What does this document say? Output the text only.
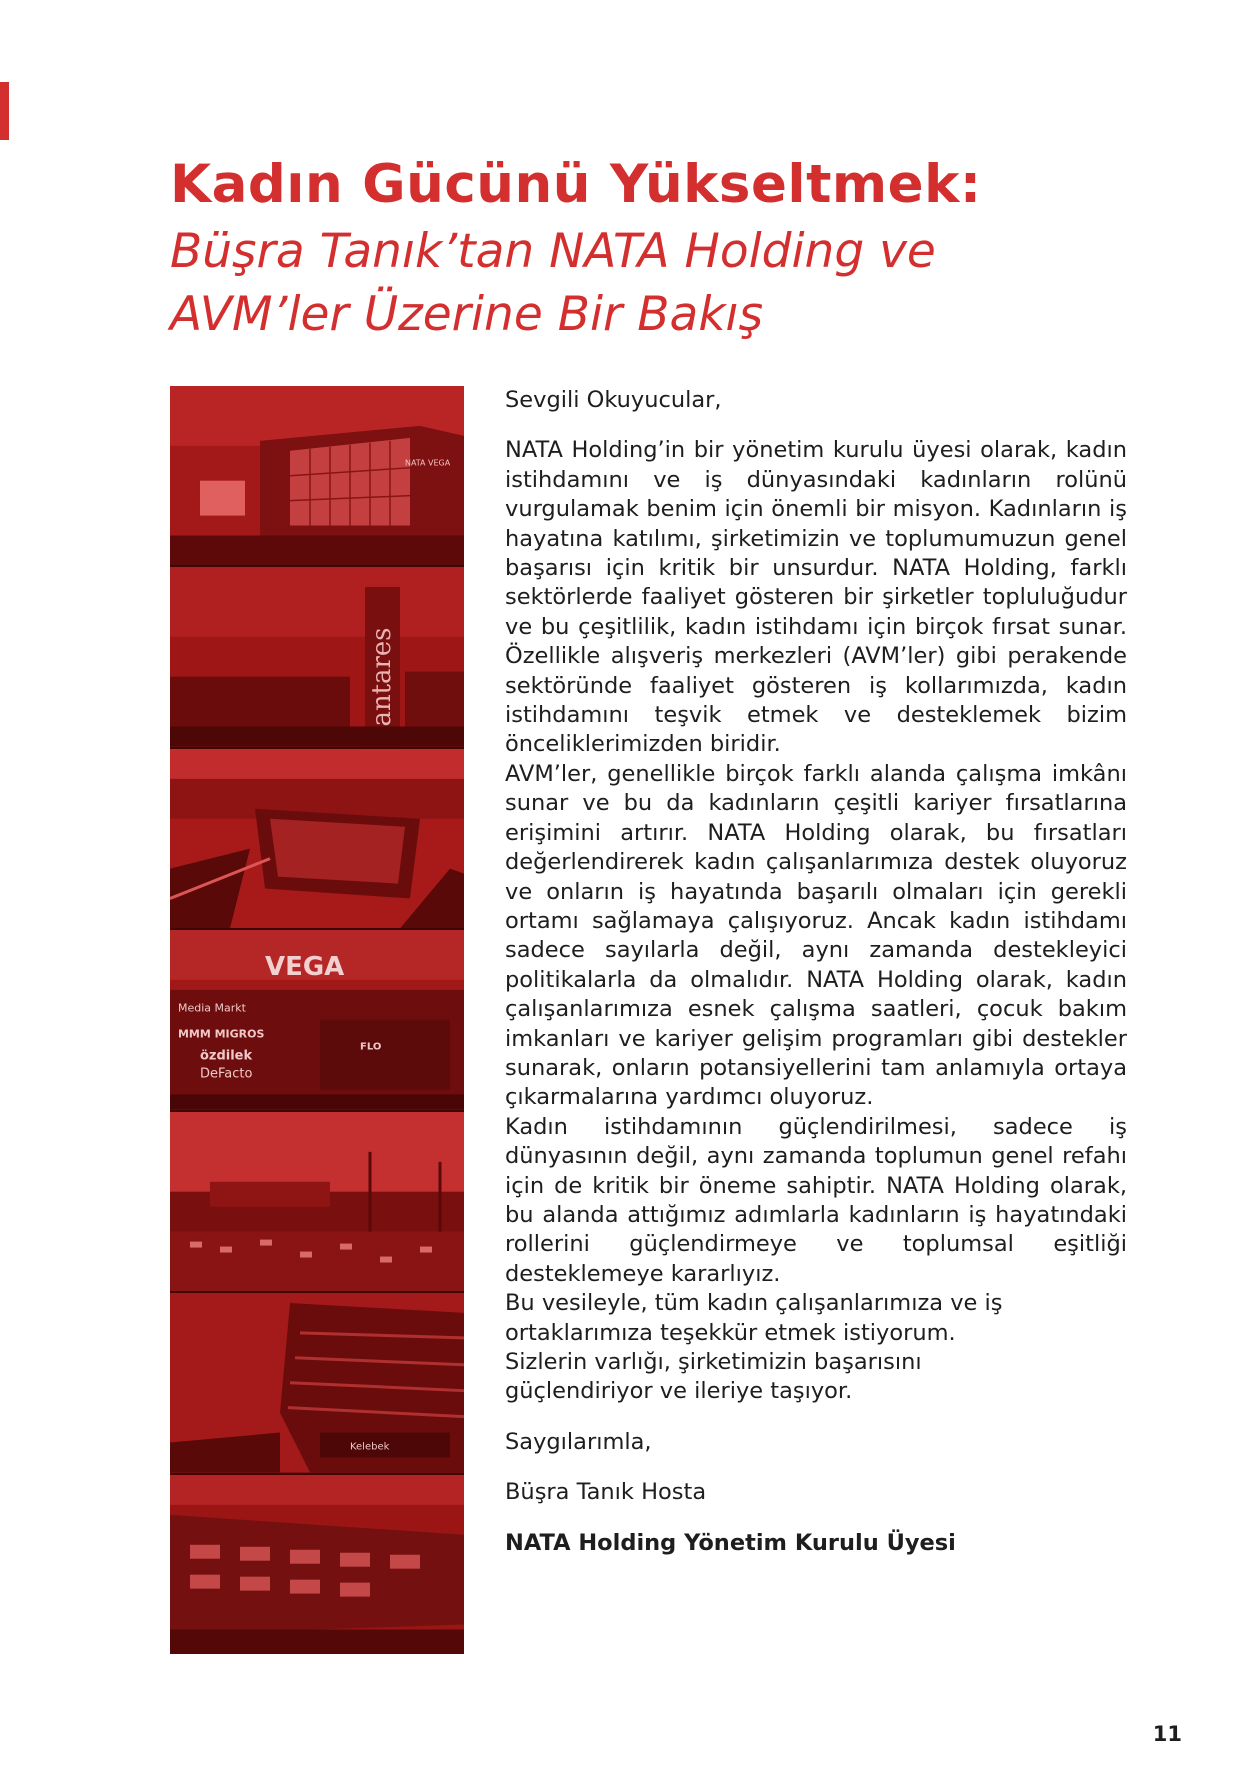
Kadın Gücünü Yükseltmek:
Büşra Tanık’tan NATA Holding ve AVM’ler Üzerine Bir Bakış
NATA VEGA
antares
VEGA
Media Markt
MMM MIGROS
özdilek
DeFacto
FLO
Kelebek

Sevgili Okuyucular,

NATA Holding’in bir yönetim kurulu üyesi olarak, kadın istihdamını ve iş dünyasındaki kadınların rolünü vurgulamak benim için önemli bir misyon. Kadınların iş hayatına katılımı, şirketimizin ve toplumumuzun genel başarısı için kritik bir unsurdur. NATA Holding, farklı sektörlerde faaliyet gösteren bir şirketler topluluğudur ve bu çeşitlilik, kadın istihdamı için birçok fırsat sunar. Özellikle alışveriş merkezleri (AVM’ler) gibi perakende sektöründe faaliyet gösteren iş kollarımızda, kadın istihdamını teşvik etmek ve desteklemek bizim önceliklerimizden biridir.

AVM’ler, genellikle birçok farklı alanda çalışma imkânı sunar ve bu da kadınların çeşitli kariyer fırsatlarına erişimini artırır. NATA Holding olarak, bu fırsatları değerlendirerek kadın çalışanlarımıza destek oluyoruz ve onların iş hayatında başarılı olmaları için gerekli ortamı sağlamaya çalışıyoruz. Ancak kadın istihdamı sadece sayılarla değil, aynı zamanda destekleyici politikalarla da olmalıdır. NATA Holding olarak, kadın çalışanlarımıza esnek çalışma saatleri, çocuk bakım imkanları ve kariyer gelişim programları gibi destekler sunarak, onların potansiyellerini tam anlamıyla ortaya çıkarmalarına yardımcı oluyoruz.

Kadın istihdamının güçlendirilmesi, sadece iş dünyasının değil, aynı zamanda toplumun genel refahı için de kritik bir öneme sahiptir. NATA Holding olarak, bu alanda attığımız adımlarla kadınların iş hayatındaki rollerini güçlendirmeye ve toplumsal eşitliği desteklemeye kararlıyız.

Bu vesileyle, tüm kadın çalışanlarımıza ve iş ortaklarımıza teşekkür etmek istiyorum. Sizlerin varlığı, şirketimizin başarısını güçlendiriyor ve ileriye taşıyor.

Saygılarımla,

Büşra Tanık Hosta

NATA Holding Yönetim Kurulu Üyesi

11
